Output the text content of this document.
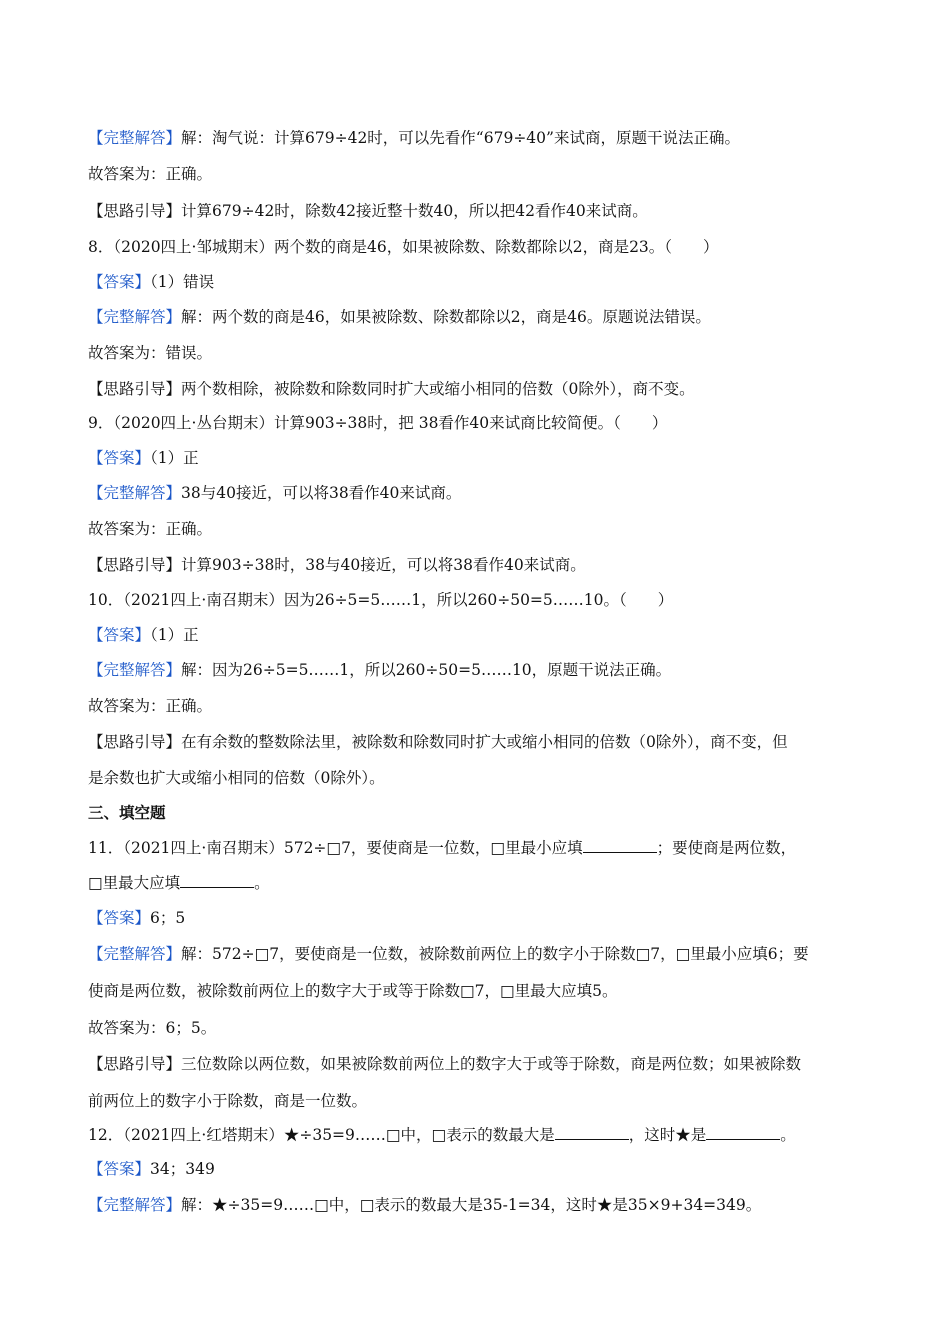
【完整解答】解：淘气说：计算679÷42时，可以先看作“679÷40”来试商，原题干说法正确。
故答案为：正确。
【思路引导】计算679÷42时，除数42接近整十数40，所以把42看作40来试商。
8．（2020四上·邹城期末）两个数的商是46，如果被除数、除数都除以2，商是23。（　　）
【答案】（1）错误
【完整解答】解：两个数的商是46，如果被除数、除数都除以2，商是46。原题说法错误。
故答案为：错误。
【思路引导】两个数相除，被除数和除数同时扩大或缩小相同的倍数（0除外），商不变。
9．（2020四上·丛台期末）计算903÷38时，把 38看作40来试商比较简便。（　　）
【答案】（1）正
【完整解答】38与40接近，可以将38看作40来试商。
故答案为：正确。
【思路引导】计算903÷38时，38与40接近，可以将38看作40来试商。
10．（2021四上·南召期末）因为26÷5=5……1，所以260÷50=5……10。（　　）
【答案】（1）正
【完整解答】解：因为26÷5=5……1，所以260÷50=5……10，原题干说法正确。
故答案为：正确。
【思路引导】在有余数的整数除法里，被除数和除数同时扩大或缩小相同的倍数（0除外），商不变，但
是余数也扩大或缩小相同的倍数（0除外）。
三、填空题
11．（2021四上·南召期末）572÷□7，要使商是一位数，□里最小应填	；要使商是两位数，
□里最大应填	。
【答案】6；5
【完整解答】解：572÷□7，要使商是一位数，被除数前两位上的数字小于除数□7，□里最小应填6；要
使商是两位数，被除数前两位上的数字大于或等于除数□7，□里最大应填5。
故答案为：6；5。
【思路引导】三位数除以两位数，如果被除数前两位上的数字大于或等于除数，商是两位数；如果被除数
前两位上的数字小于除数，商是一位数。
12．（2021四上·红塔期末）★÷35=9……□中，□表示的数最大是	，这时★是	。
【答案】34；349
【完整解答】解：★÷35=9……□中，□表示的数最大是35-1=34，这时★是35×9+34=349。
